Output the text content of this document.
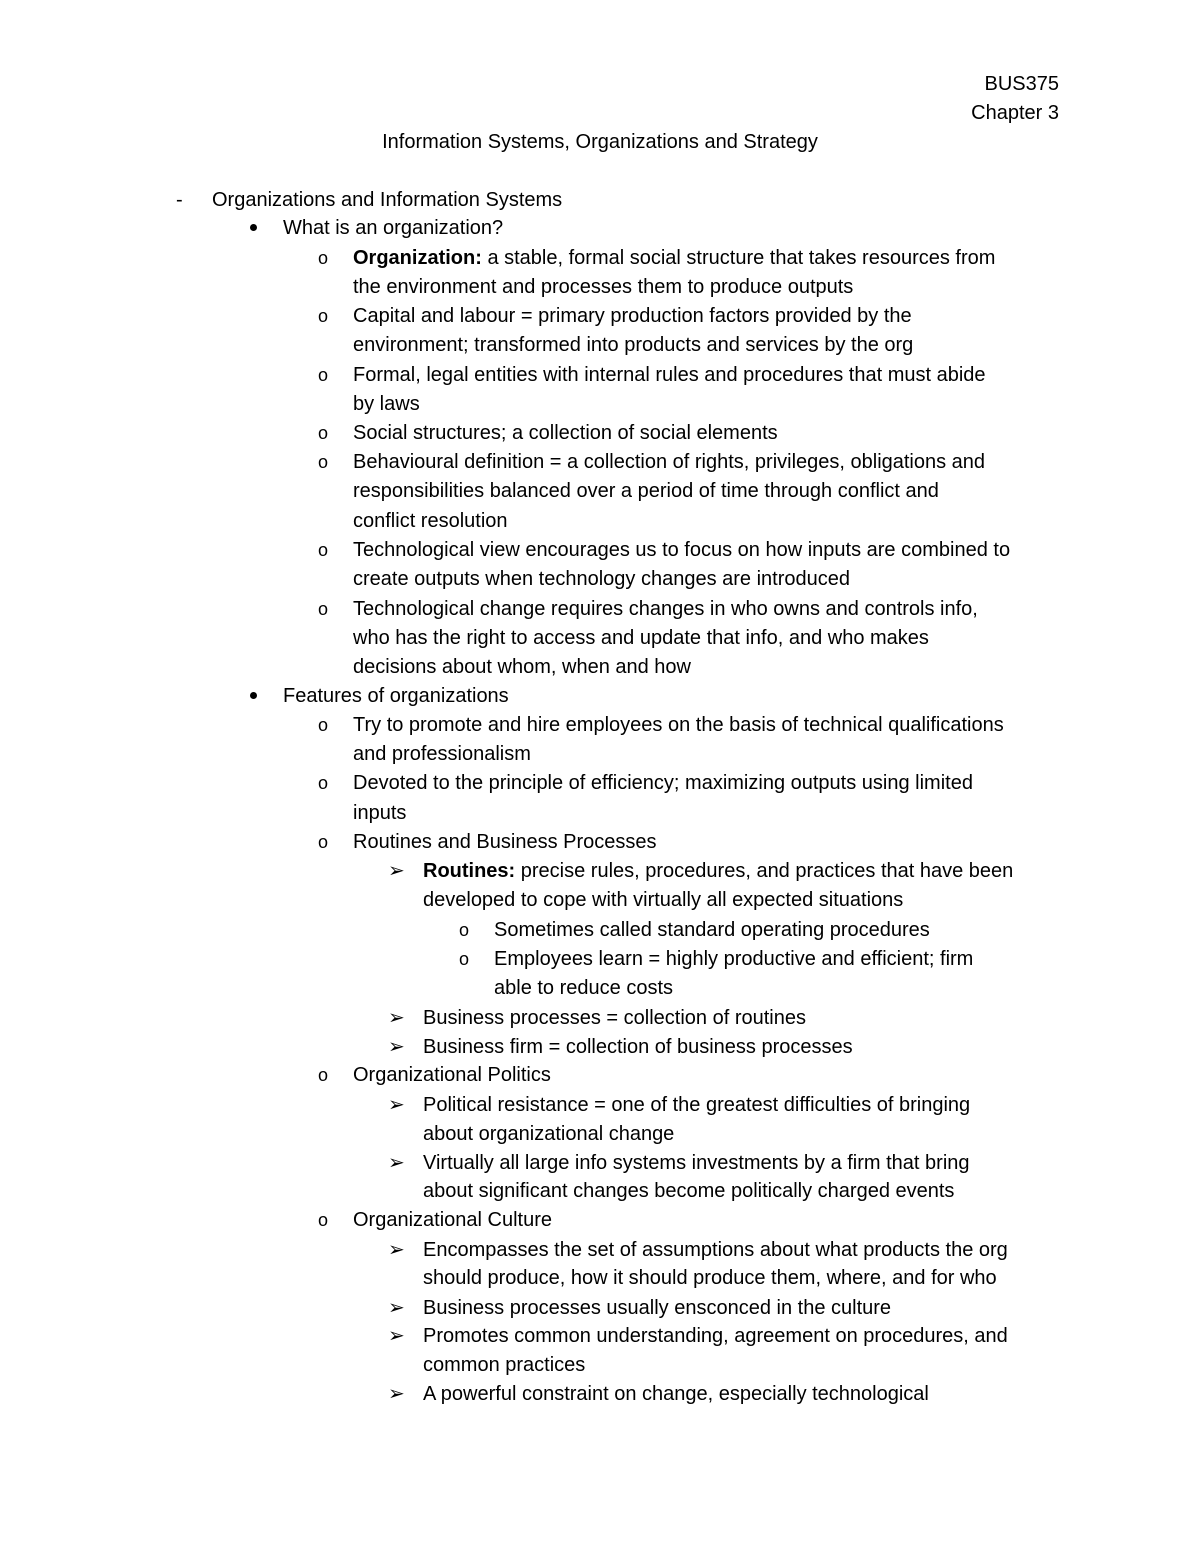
BUS375
Chapter 3
Information Systems, Organizations and Strategy
- Organizations and Information Systems
What is an organization?
o Organization: a stable, formal social structure that takes resources from
the environment and processes them to produce outputs
o Capital and labour = primary production factors provided by the
environment; transformed into products and services by the org
o Formal, legal entities with internal rules and procedures that must abide
by laws
o Social structures; a collection of social elements
o Behavioural definition = a collection of rights, privileges, obligations and
responsibilities balanced over a period of time through conflict and
conflict resolution
o Technological view encourages us to focus on how inputs are combined to
create outputs when technology changes are introduced
o Technological change requires changes in who owns and controls info,
who has the right to access and update that info, and who makes
decisions about whom, when and how
Features of organizations
o Try to promote and hire employees on the basis of technical qualifications
and professionalism
o Devoted to the principle of efficiency; maximizing outputs using limited
inputs
o Routines and Business Processes
➢ Routines: precise rules, procedures, and practices that have been
developed to cope with virtually all expected situations
o Sometimes called standard operating procedures
o Employees learn = highly productive and efficient; firm
able to reduce costs
➢ Business processes = collection of routines
➢ Business firm = collection of business processes
o Organizational Politics
➢ Political resistance = one of the greatest difficulties of bringing
about organizational change
➢ Virtually all large info systems investments by a firm that bring
about significant changes become politically charged events
o Organizational Culture
➢ Encompasses the set of assumptions about what products the org
should produce, how it should produce them, where, and for who
➢ Business processes usually ensconced in the culture
➢ Promotes common understanding, agreement on procedures, and
common practices
➢ A powerful constraint on change, especially technological
